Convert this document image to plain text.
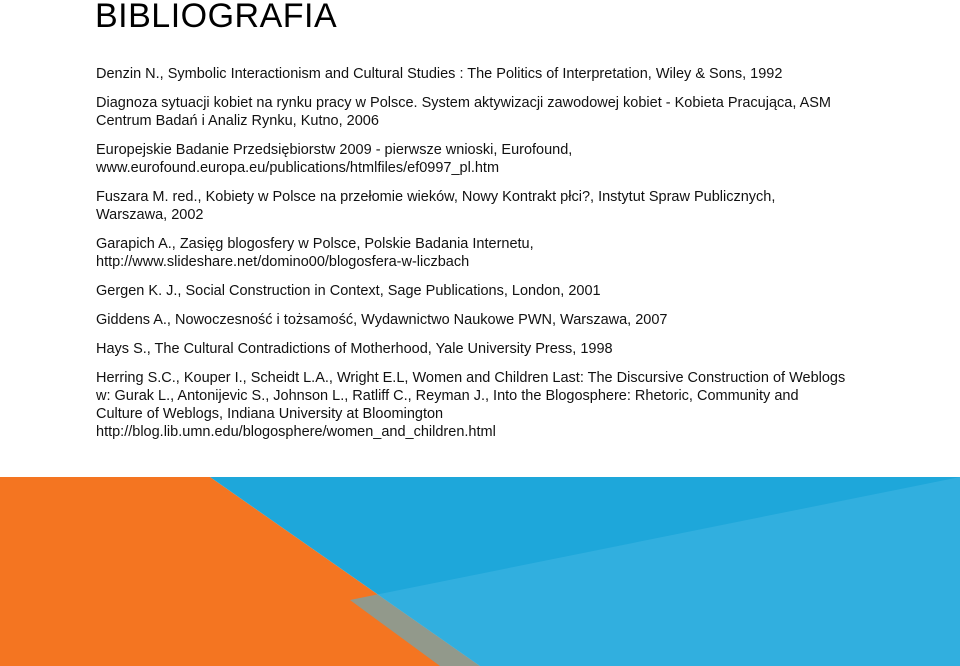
BIBLIOGRAFIA
Denzin N., Symbolic Interactionism and Cultural Studies : The Politics of Interpretation, Wiley & Sons, 1992
Diagnoza sytuacji kobiet na rynku pracy w Polsce. System aktywizacji zawodowej kobiet - Kobieta Pracująca, ASM
Centrum Badań i Analiz Rynku, Kutno, 2006
Europejskie Badanie Przedsiębiorstw 2009 - pierwsze wnioski, Eurofound,
www.eurofound.europa.eu/publications/htmlfiles/ef0997_pl.htm
Fuszara M. red., Kobiety w Polsce na przełomie wieków, Nowy Kontrakt płci?, Instytut Spraw Publicznych,
Warszawa, 2002
Garapich A., Zasięg blogosfery w Polsce, Polskie Badania Internetu,
http://www.slideshare.net/domino00/blogosfera-w-liczbach
Gergen K. J., Social Construction in Context, Sage Publications, London, 2001
Giddens A., Nowoczesność i tożsamość, Wydawnictwo Naukowe PWN, Warszawa, 2007
Hays S., The Cultural Contradictions of Motherhood, Yale University Press, 1998
Herring S.C., Kouper I., Scheidt L.A., Wright E.L, Women and Children Last: The Discursive Construction of Weblogs
w: Gurak L., Antonijevic S., Johnson L., Ratliff C., Reyman J., Into the Blogosphere: Rhetoric, Community and
Culture of Weblogs, Indiana University at Bloomington
http://blog.lib.umn.edu/blogosphere/women_and_children.html
